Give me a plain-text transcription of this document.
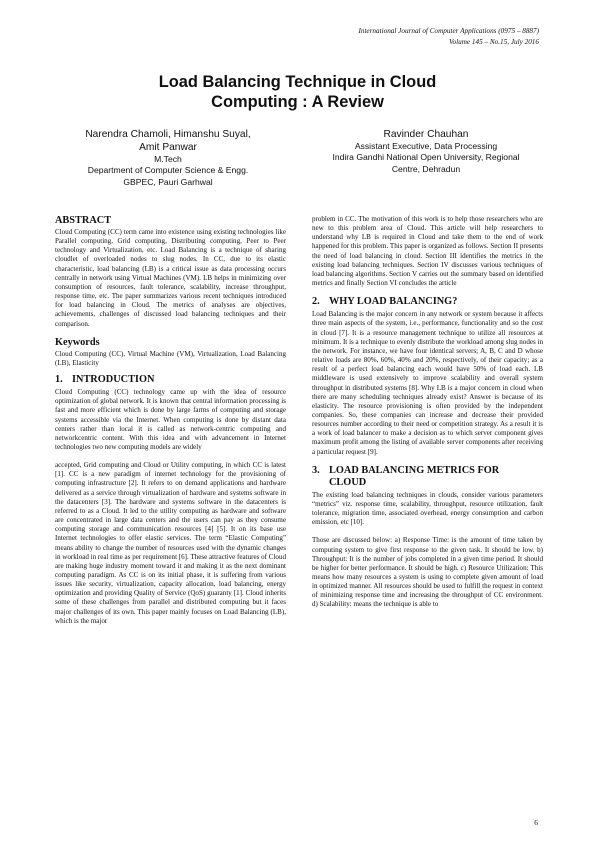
International Journal of Computer Applications (0975 – 8887)
Volume 145 – No.15, July 2016
Load Balancing Technique in Cloud
Computing : A Review
Narendra Chamoli, Himanshu Suyal,
Amit Panwar
M.Tech
Department of Computer Science & Engg.
GBPEC, Pauri Garhwal
Ravinder Chauhan
Assistant Executive, Data Processing
Indira Gandhi National Open University, Regional
Centre, Dehradun
ABSTRACT

Cloud Computing (CC) term came into existence using existing technologies like Parallel computing, Grid computing, Distributing computing, Peer to Peer technology and Virtualization, etc. Load Balancing is a technique of sharing cloudlet of overloaded nodes to slug nodes. In CC, due to its elastic characteristic, load balancing (LB) is a critical issue as data processing occurs centrally in network using Virtual Machines (VM). LB helps in minimizing over consumption of resources, fault tolerance, scalability, increase throughput, response time, etc. The paper summarizes various recent techniques introduced for load balancing in Cloud. The metrics of analyses are objectives, achievements, challenges of discussed load balancing techniques and their comparison.

Keywords

Cloud Computing (CC), Virtual Machine (VM), Virtualization, Load Balancing (LB), Elasticity

1. INTRODUCTION

Cloud Computing (CC) technology came up with the idea of resource optimization of global network. It is known that central information processing is fast and more efficient which is done by large farms of computing and storage systems accessible via the Internet. When computing is done by distant data centers rather than local it is called as network-centric computing and networkcentric content. With this idea and with advancement in Internet technologies two new computing models are widely

accepted, Grid computing and Cloud or Utility computing, in which CC is latest [1]. CC is a new paradigm of internet technology for the provisioning of computing infrastructure [2]. It refers to on demand applications and hardware delivered as a service through virtualization of hardware and systems software in the datacenters [3]. The hardware and systems software in the datacenters is referred to as a Cloud. It led to the utility computing as hardware and software are concentrated in large data centers and the users can pay as they consume computing storage and communication resources [4] [5]. It on its base use Internet technologies to offer elastic services. The term “Elastic Computing” means ability to change the number of resources used with the dynamic changes in workload in real time as per requirement [6]. These attractive features of Cloud are making huge industry moment toward it and making it as the next dominant computing paradigm. As CC is on its initial phase, it is suffering from various issues like security, virtualization, capacity allocation, load balancing, energy optimization and providing Quality of Service (QoS) guaranty [1]. Cloud inherits some of these challenges from parallel and distributed computing but it faces major challenges of its own. This paper mainly focuses on Load Balancing (LB), which is the major

problem in CC. The motivation of this work is to help those researchers who are new to this problem area of Cloud. This article will help researchers to understand why LB is required in Cloud and take them to the end of work happened for this problem. This paper is organized as follows. Section II presents the need of load balancing in cloud. Section III identifies the metrics in the existing load balancing techniques. Section IV discusses various techniques of load balancing algorithms. Section V carries out the summary based on identified metrics and finally Section VI concludes the article

2. WHY LOAD BALANCING?

Load Balancing is the major concern in any network or system because it affects three main aspects of the system, i.e., performance, functionality and so the cost in cloud [7]. It is a resource management technique to utilize all resources at minimum. It is a technique to evenly distribute the workload among slug nodes in the network. For instance, we have four identical servers; A, B, C and D whose relative loads are 80%, 60%, 40% and 20%, respectively, of their capacity; as a result of a perfect load balancing each would have 50% of load each. LB middleware is used extensively to improve scalability and overall system throughput in distributed systems [8]. Why LB is a major concern in cloud when there are many scheduling techniques already exist? Answer is because of its elasticity. The resource provisioning is often provided by the independent companies. So, these companies can increase and decrease their provided resources number according to their need or competition strategy. As a result it is a work of load balancer to make a decision as to which server component gives maximum profit among the listing of available server components after receiving a particular request [9].

3. LOAD BALANCING METRICS FOR
CLOUD

The existing load balancing techniques in clouds, consider various parameters “metrics” viz. response time, scalability, throughput, resource utilization, fault tolerance, migration time, associated overhead, energy consumption and carbon emission, etc [10].

Those are discussed below: a) Response Time: is the amount of time taken by computing system to give first response to the given task. It should be low. b) Throughput: It is the number of jobs completed in a given time period. It should be higher for better performance. It should be high. c) Resource Utilization: This means how many resources a system is using to complete given amount of load in optimized manner. All resources should be used to fulfill the request in context of minimizing response time and increasing the throughput of CC environment. d) Scalability: means the technique is able to

6
